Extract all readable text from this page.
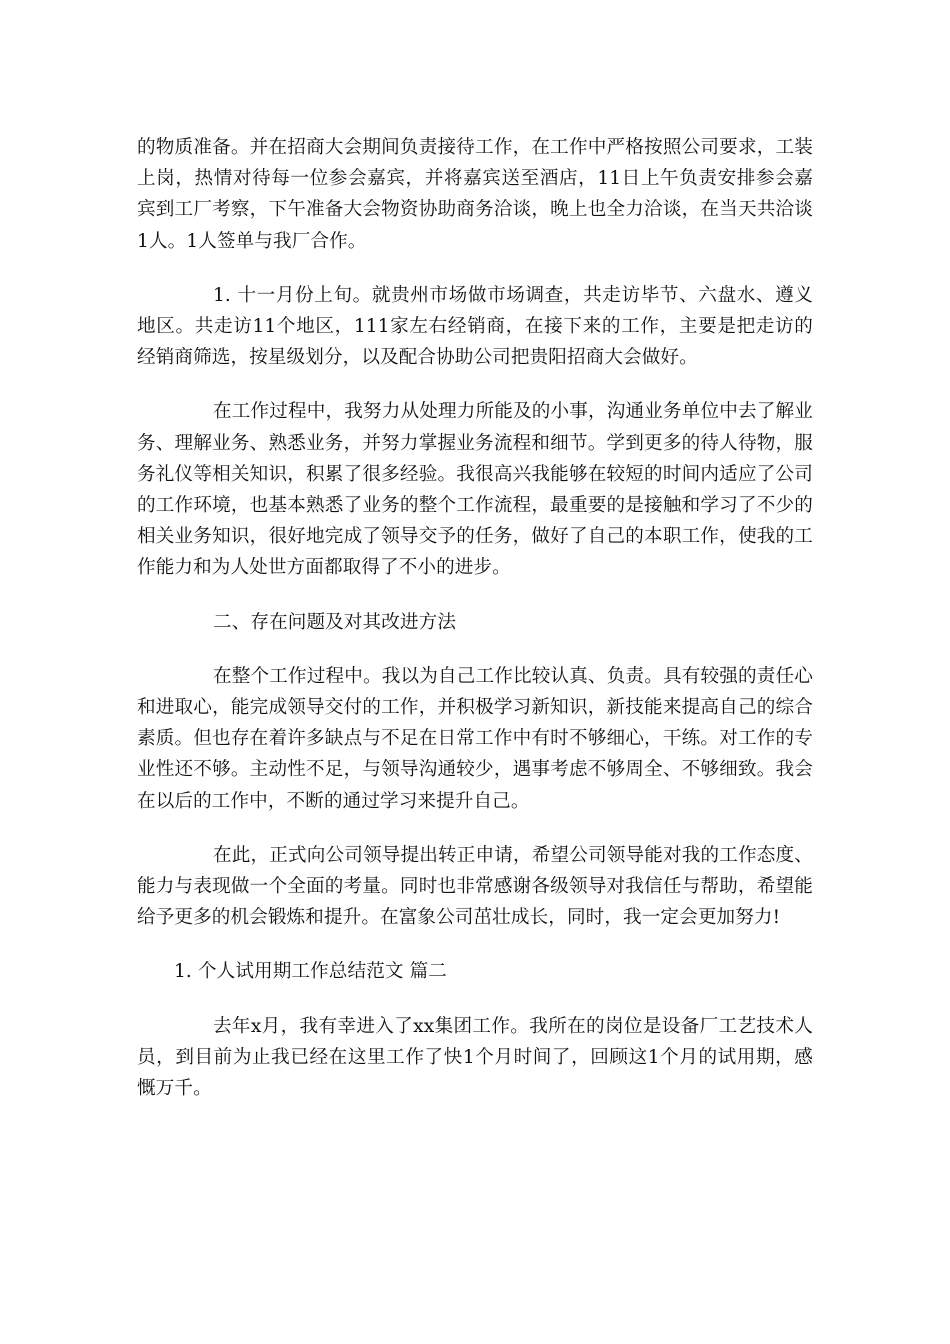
的物质准备。并在招商大会期间负责接待工作，在工作中严格按照公司要求，工装上岗，热情对待每一位参会嘉宾，并将嘉宾送至酒店，11日上午负责安排参会嘉宾到工厂考察，下午准备大会物资协助商务洽谈，晚上也全力洽谈，在当天共洽谈1人。1人签单与我厂合作。

1. 十一月份上旬。就贵州市场做市场调查，共走访毕节、六盘水、遵义地区。共走访11个地区，111家左右经销商，在接下来的工作，主要是把走访的经销商筛选，按星级划分，以及配合协助公司把贵阳招商大会做好。

在工作过程中，我努力从处理力所能及的小事，沟通业务单位中去了解业务、理解业务、熟悉业务，并努力掌握业务流程和细节。学到更多的待人待物，服务礼仪等相关知识，积累了很多经验。我很高兴我能够在较短的时间内适应了公司的工作环境，也基本熟悉了业务的整个工作流程，最重要的是接触和学习了不少的相关业务知识，很好地完成了领导交予的任务，做好了自己的本职工作，使我的工作能力和为人处世方面都取得了不小的进步。

二、存在问题及对其改进方法

在整个工作过程中。我以为自己工作比较认真、负责。具有较强的责任心和进取心，能完成领导交付的工作，并积极学习新知识，新技能来提高自己的综合素质。但也存在着许多缺点与不足在日常工作中有时不够细心，干练。对工作的专业性还不够。主动性不足，与领导沟通较少，遇事考虑不够周全、不够细致。我会在以后的工作中，不断的通过学习来提升自己。

在此，正式向公司领导提出转正申请，希望公司领导能对我的工作态度、能力与表现做一个全面的考量。同时也非常感谢各级领导对我信任与帮助，希望能给予更多的机会锻炼和提升。在富象公司茁壮成长，同时，我一定会更加努力!

1. 个人试用期工作总结范文 篇二

去年x月，我有幸进入了xx集团工作。我所在的岗位是设备厂工艺技术人员，到目前为止我已经在这里工作了快1个月时间了，回顾这1个月的试用期，感慨万千。
